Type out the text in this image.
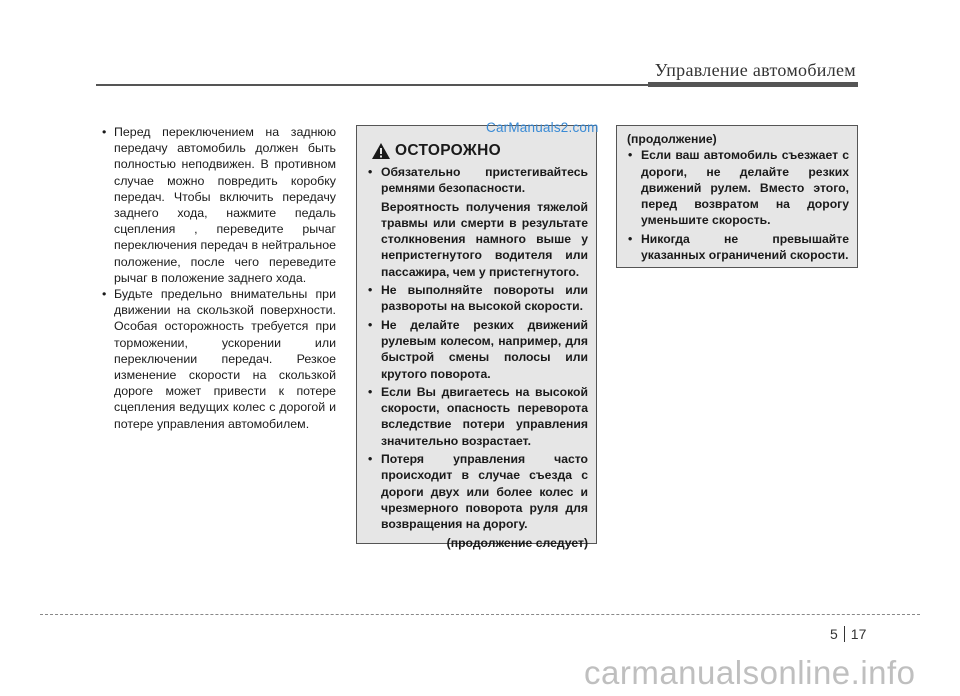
Управление автомобилем
• Перед переключением на заднюю передачу автомобиль должен быть полностью неподвижен. В противном случае можно повредить коробку передач. Чтобы включить передачу заднего хода, нажмите педаль сцепления , переведите рычаг переключения передач в нейтральное положение, после чего переведите рычаг в положение заднего хода.
• Будьте предельно внимательны при движении на скользкой поверхности. Особая осторожность требуется при торможении, ускорении или переключении передач. Резкое изменение скорости на скользкой дороге может привести к потере сцепления ведущих колес с дорогой и потере управления автомобилем.
ОСТОРОЖНО

• Обязательно пристегивайтесь ремнями безопасности.

Вероятность получения тяжелой травмы или смерти в результате столкновения намного выше у непристегнутого водителя или пассажира, чем у пристегнутого.

• Не выполняйте повороты или развороты на высокой скорости.
• Не делайте резких движений рулевым колесом, например, для быстрой смены полосы или крутого поворота.
• Если Вы двигаетесь на высокой скорости, опасность переворота вследствие потери управления значительно возрастает.
• Потеря управления часто происходит в случае съезда с дороги двух или более колес и чрезмерного поворота руля для возвращения на дорогу.
(продолжение следует)
(продолжение)
• Если ваш автомобиль съезжает с дороги, не делайте резких движений рулем. Вместо этого, перед возвратом на дорогу уменьшите скорость.
• Никогда не превышайте указанных ограничений скорости.
CarManuals2.com
5 17
carmanualsonline.info
